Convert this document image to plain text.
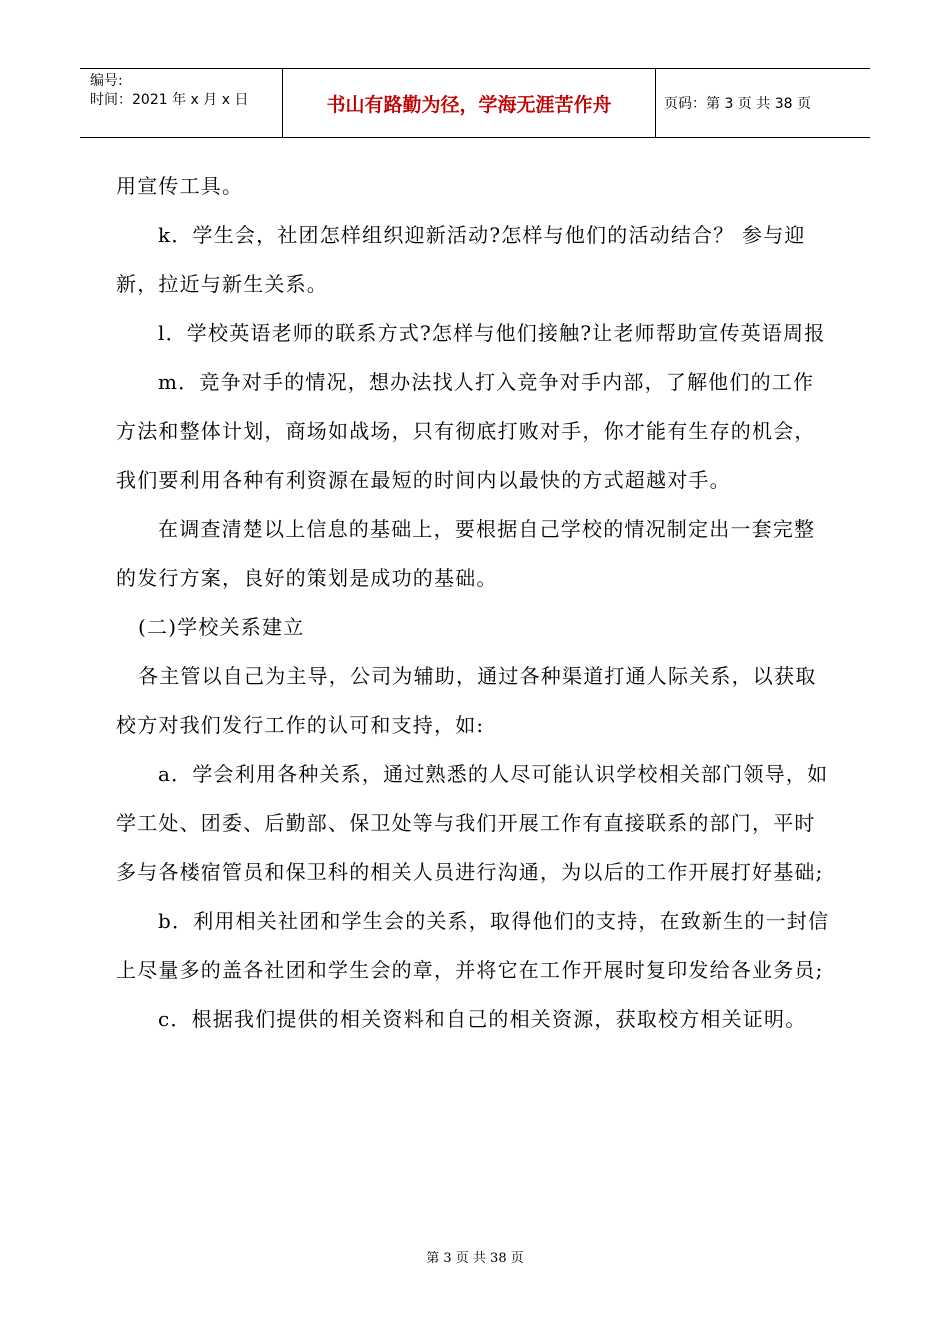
编号:
时间：2021 年 x 月 x 日	书山有路勤为径，学海无涯苦作舟	页码：第 3 页 共 38 页

用宣传工具。

k．学生会，社团怎样组织迎新活动?怎样与他们的活动结合？ 参与迎新，拉近与新生关系。

l．学校英语老师的联系方式?怎样与他们接触?让老师帮助宣传英语周报

m．竞争对手的情况，想办法找人打入竞争对手内部，了解他们的工作方法和整体计划，商场如战场，只有彻底打败对手，你才能有生存的机会，我们要利用各种有利资源在最短的时间内以最快的方式超越对手。

在调查清楚以上信息的基础上，要根据自己学校的情况制定出一套完整的发行方案，良好的策划是成功的基础。

(二)学校关系建立

各主管以自己为主导，公司为辅助，通过各种渠道打通人际关系，以获取校方对我们发行工作的认可和支持，如:

a．学会利用各种关系，通过熟悉的人尽可能认识学校相关部门领导，如学工处、团委、后勤部、保卫处等与我们开展工作有直接联系的部门，平时多与各楼宿管员和保卫科的相关人员进行沟通，为以后的工作开展打好基础;

b．利用相关社团和学生会的关系，取得他们的支持，在致新生的一封信上尽量多的盖各社团和学生会的章，并将它在工作开展时复印发给各业务员;

c．根据我们提供的相关资料和自己的相关资源，获取校方相关证明。

第 3 页 共 38 页
